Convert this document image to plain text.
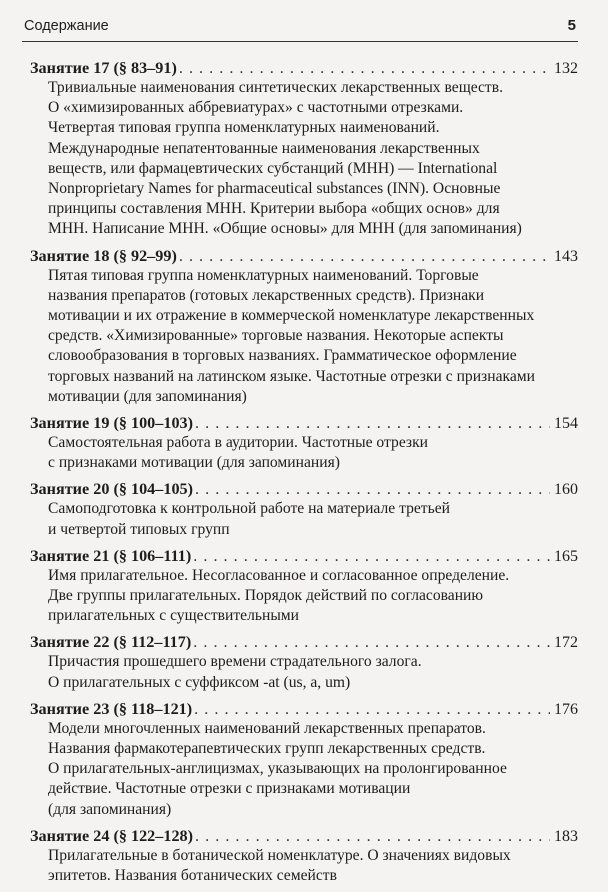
Содержание	5
Занятие 17 (§ 83–91) . . .	132
Тривиальные наименования синтетических лекарственных веществ.
О «химизированных аббревиатурах» с частотными отрезками.
Четвертая типовая группа номенклатурных наименований.
Международные непатентованные наименования лекарственных
веществ, или фармацевтических субстанций (МНН) — International
Nonproprietary Names for pharmaceutical substances (INN). Основные
принципы составления МНН. Критерии выбора «общих основ» для
МНН. Написание МНН. «Общие основы» для МНН (для запоминания)
Занятие 18 (§ 92–99) . . .	143
Пятая типовая группа номенклатурных наименований. Торговые
названия препаратов (готовых лекарственных средств). Признаки
мотивации и их отражение в коммерческой номенклатуре лекарственных
средств. «Химизированные» торговые названия. Некоторые аспекты
словообразования в торговых названиях. Грамматическое оформление
торговых названий на латинском языке. Частотные отрезки с признаками
мотивации (для запоминания)
Занятие 19 (§ 100–103) . . .	154
Самостоятельная работа в аудитории. Частотные отрезки
с признаками мотивации (для запоминания)
Занятие 20 (§ 104–105) . . .	160
Самоподготовка к контрольной работе на материале третьей
и четвертой типовых групп
Занятие 21 (§ 106–111) . . .	165
Имя прилагательное. Несогласованное и согласованное определение.
Две группы прилагательных. Порядок действий по согласованию
прилагательных с существительными
Занятие 22 (§ 112–117) . . .	172
Причастия прошедшего времени страдательного залога.
О прилагательных с суффиксом -at (us, a, um)
Занятие 23 (§ 118–121) . . .	176
Модели многочленных наименований лекарственных препаратов.
Названия фармакотерапевтических групп лекарственных средств.
О прилагательных-англицизмах, указывающих на пролонгированное
действие. Частотные отрезки с признаками мотивации
(для запоминания)
Занятие 24 (§ 122–128) . . .	183
Прилагательные в ботанической номенклатуре. О значениях видовых
эпитетов. Названия ботанических семейств
